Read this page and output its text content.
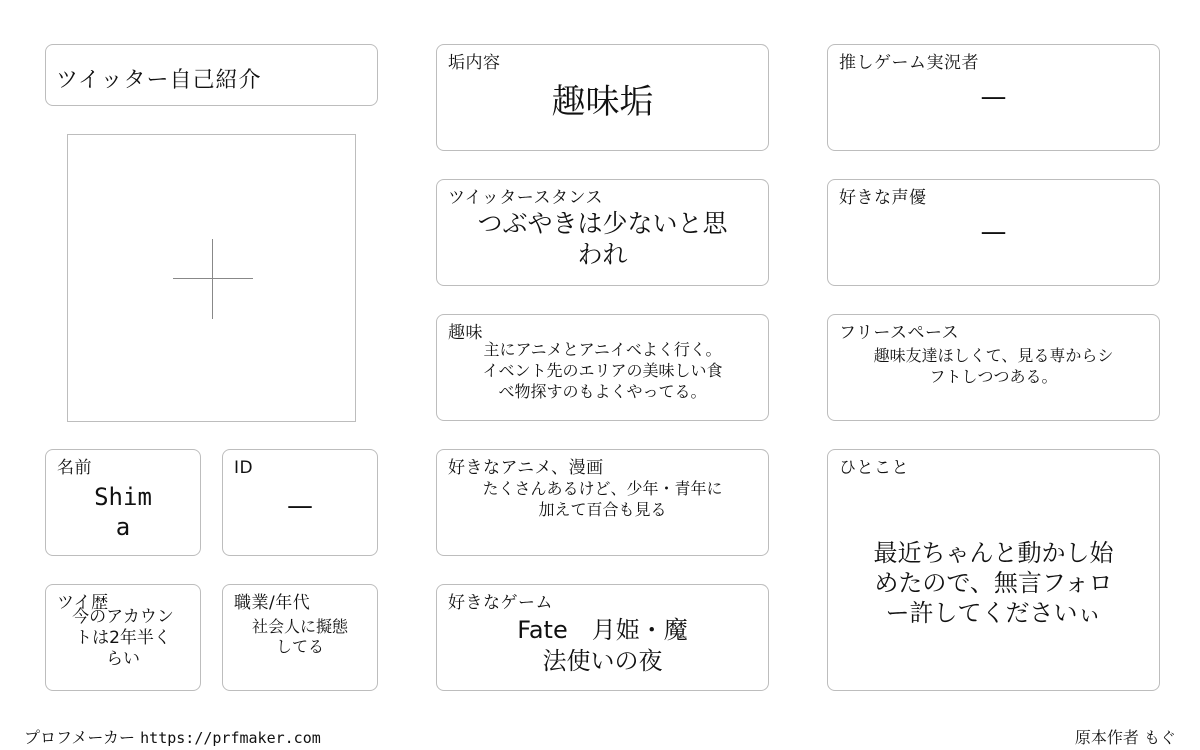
ツイッター自己紹介
名前
Shim
a
ID
—
ツイ歴
今のアカウン
トは2年半く
らい
職業/年代
社会人に擬態
してる
垢内容
趣味垢
ツイッタースタンス
つぶやきは少ないと思
われ
趣味
主にアニメとアニイベよく行く。
イベント先のエリアの美味しい食
べ物探すのもよくやってる。
好きなアニメ、漫画
たくさんあるけど、少年・青年に
加えて百合も見る
好きなゲーム
Fate　月姫・魔
法使いの夜
推しゲーム実況者
—
好きな声優
—
フリースペース
趣味友達ほしくて、見る専からシ
フトしつつある。
ひとこと
最近ちゃんと動かし始
めたので、無言フォロ
ー許してくださいぃ
プロフメーカー https://prfmaker.com	原本作者 もぐ
